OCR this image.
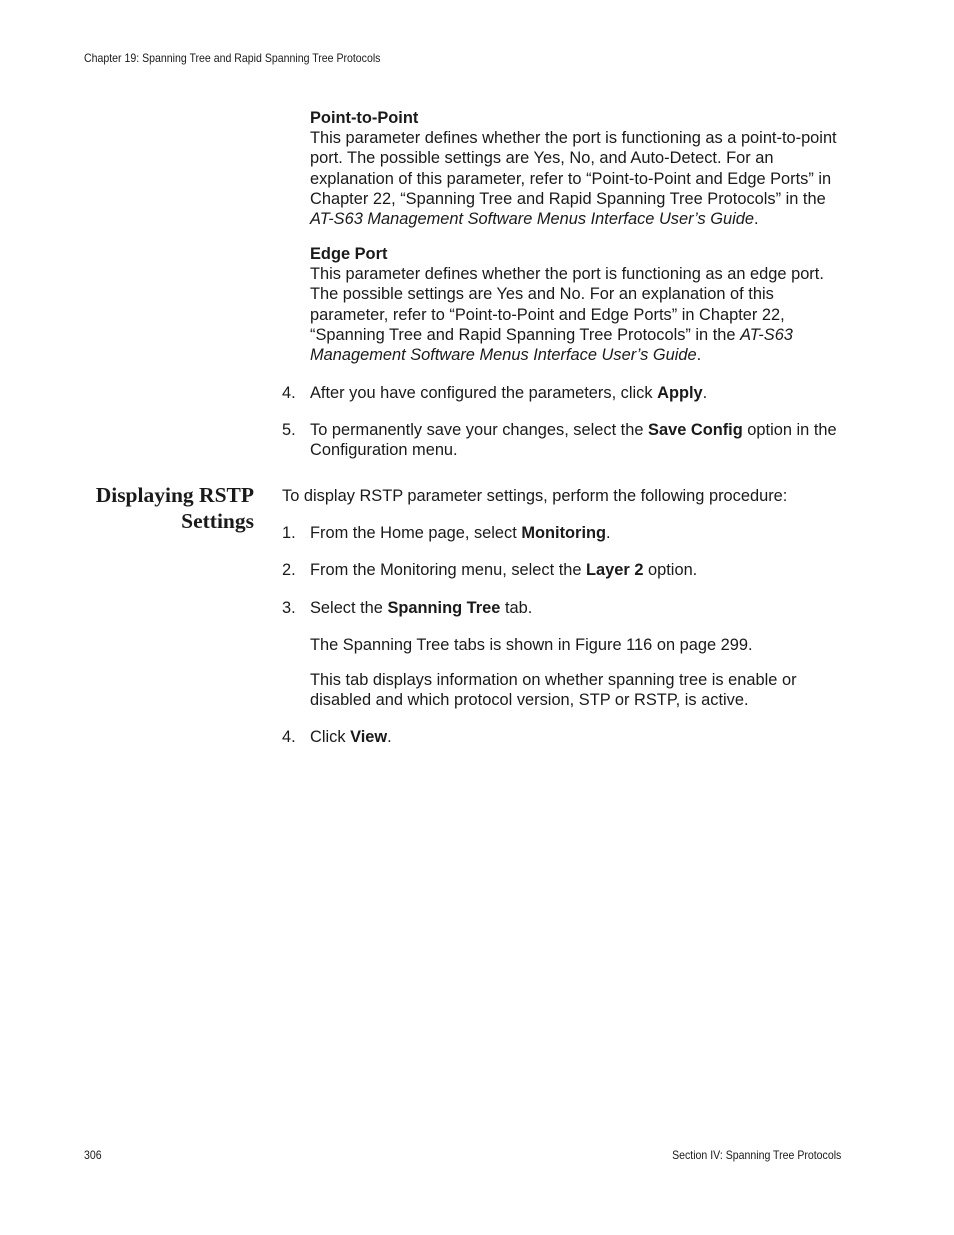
Chapter 19: Spanning Tree and Rapid Spanning Tree Protocols
Point-to-Point
This parameter defines whether the port is functioning as a point-to-point port. The possible settings are Yes, No, and Auto-Detect. For an explanation of this parameter, refer to “Point-to-Point and Edge Ports” in Chapter 22, “Spanning Tree and Rapid Spanning Tree Protocols” in the AT-S63 Management Software Menus Interface User’s Guide.
Edge Port
This parameter defines whether the port is functioning as an edge port. The possible settings are Yes and No. For an explanation of this parameter, refer to “Point-to-Point and Edge Ports” in Chapter 22, “Spanning Tree and Rapid Spanning Tree Protocols” in the AT-S63 Management Software Menus Interface User’s Guide.
4. After you have configured the parameters, click Apply.
5. To permanently save your changes, select the Save Config option in the Configuration menu.
Displaying RSTP
Settings
To display RSTP parameter settings, perform the following procedure:
1. From the Home page, select Monitoring.
2. From the Monitoring menu, select the Layer 2 option.
3. Select the Spanning Tree tab.
The Spanning Tree tabs is shown in Figure 116 on page 299.
This tab displays information on whether spanning tree is enable or disabled and which protocol version, STP or RSTP, is active.
4. Click View.
306	Section IV: Spanning Tree Protocols
